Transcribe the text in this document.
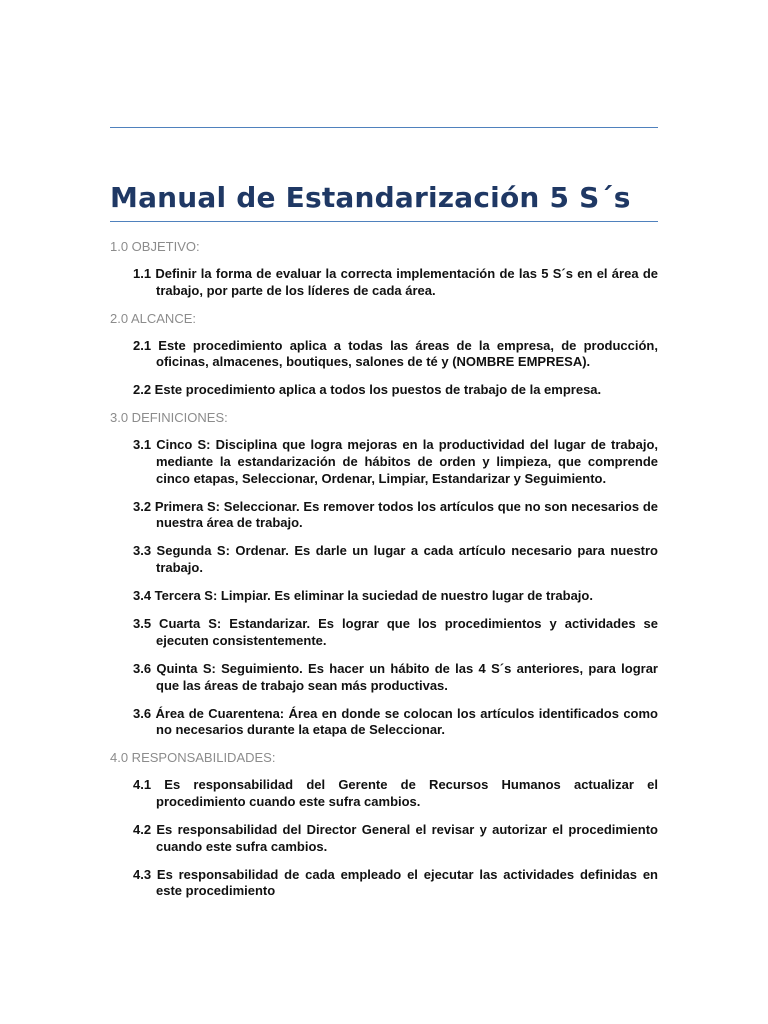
Manual de Estandarización 5 S´s
1.0 OBJETIVO:

1.1 Definir la forma de evaluar la correcta implementación de las 5 S´s en el área de trabajo, por parte de los líderes de cada área.

2.0 ALCANCE:

2.1 Este procedimiento aplica a todas las áreas de la empresa, de producción, oficinas, almacenes, boutiques, salones de té y (NOMBRE EMPRESA).

2.2 Este procedimiento aplica a todos los puestos de trabajo de la empresa.

3.0 DEFINICIONES:

3.1 Cinco S: Disciplina que logra mejoras en la productividad del lugar de trabajo, mediante la estandarización de hábitos de orden y limpieza, que comprende cinco etapas, Seleccionar, Ordenar, Limpiar, Estandarizar y Seguimiento.

3.2 Primera S: Seleccionar. Es remover todos los artículos que no son necesarios de nuestra área de trabajo.

3.3 Segunda S: Ordenar. Es darle un lugar a cada artículo necesario para nuestro trabajo.

3.4 Tercera S: Limpiar. Es eliminar la suciedad de nuestro lugar de trabajo.

3.5 Cuarta S: Estandarizar. Es lograr que los procedimientos y actividades se ejecuten consistentemente.

3.6 Quinta S: Seguimiento. Es hacer un hábito de las 4 S´s anteriores, para lograr que las áreas de trabajo sean más productivas.

3.6 Área de Cuarentena: Área en donde se colocan los artículos identificados como no necesarios durante la etapa de Seleccionar.

4.0 RESPONSABILIDADES:

4.1 Es responsabilidad del Gerente de Recursos Humanos actualizar el procedimiento cuando este sufra cambios.

4.2 Es responsabilidad del Director General el revisar y autorizar el procedimiento cuando este sufra cambios.

4.3 Es responsabilidad de cada empleado el ejecutar las actividades definidas en este procedimiento
